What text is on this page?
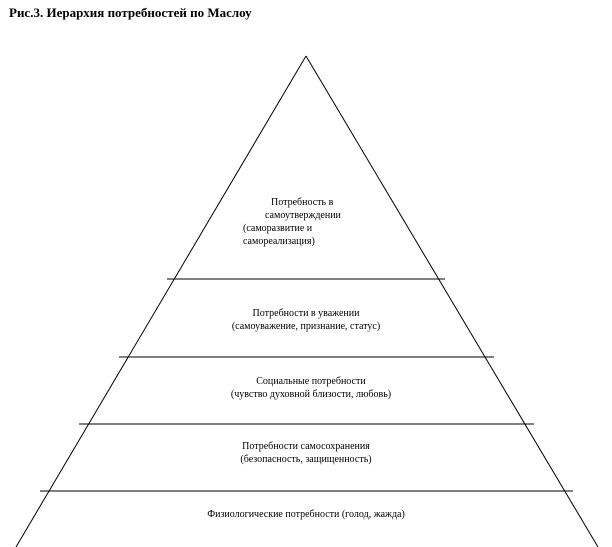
Рис.3. Иерархия потребностей по Маслоу
Потребность в
самоутверждении
(саморазвитие и
самореализация)
Потребности в уважении
(самоуважение, признание, статус)
Социальные потребности
(чувство духовной близости, любовь)
Потребности самосохранения
(безопасность, защищенность)
Физиологические потребности (голод, жажда)
